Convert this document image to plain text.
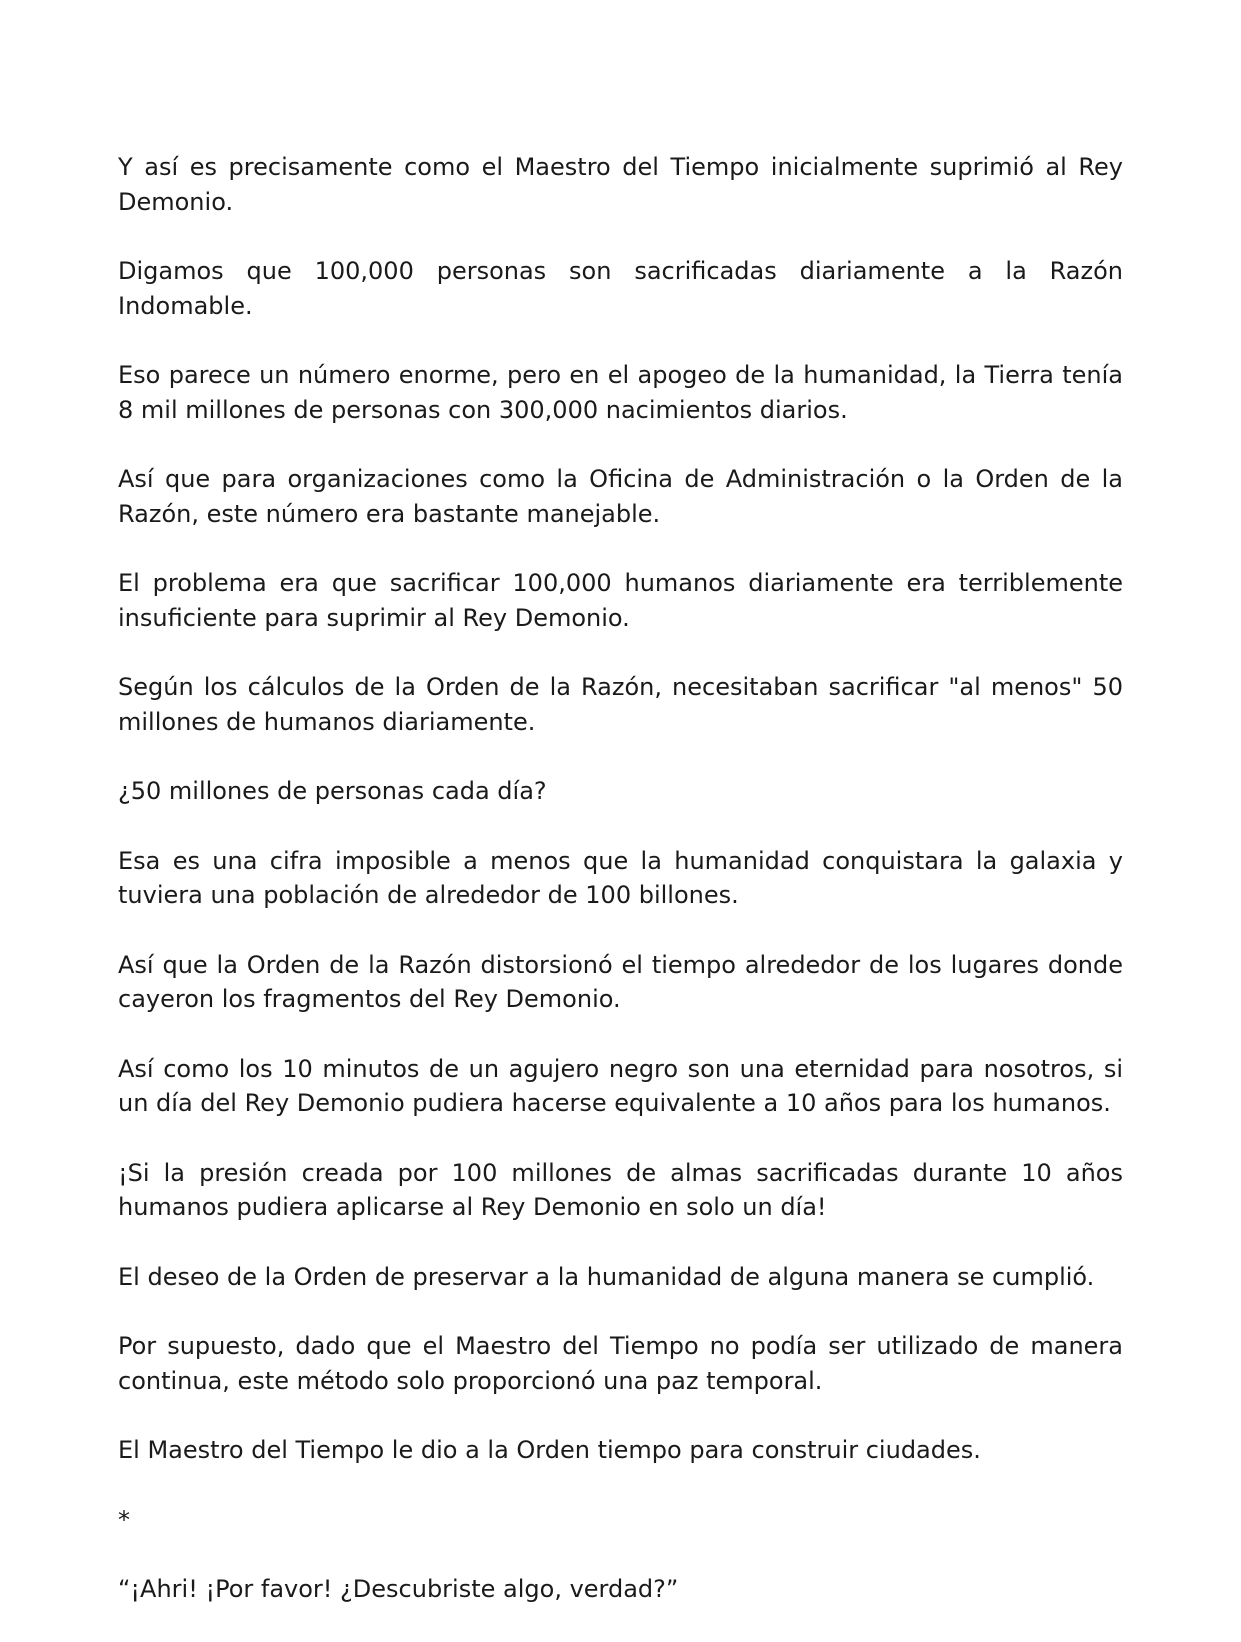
Y así es precisamente como el Maestro del Tiempo inicialmente suprimió al Rey Demonio.

Digamos que 100,000 personas son sacrificadas diariamente a la Razón Indomable.

Eso parece un número enorme, pero en el apogeo de la humanidad, la Tierra tenía 8 mil millones de personas con 300,000 nacimientos diarios.

Así que para organizaciones como la Oficina de Administración o la Orden de la Razón, este número era bastante manejable.

El problema era que sacrificar 100,000 humanos diariamente era terriblemente insuficiente para suprimir al Rey Demonio.

Según los cálculos de la Orden de la Razón, necesitaban sacrificar "al menos" 50 millones de humanos diariamente.

¿50 millones de personas cada día?

Esa es una cifra imposible a menos que la humanidad conquistara la galaxia y tuviera una población de alrededor de 100 billones.

Así que la Orden de la Razón distorsionó el tiempo alrededor de los lugares donde cayeron los fragmentos del Rey Demonio.

Así como los 10 minutos de un agujero negro son una eternidad para nosotros, si un día del Rey Demonio pudiera hacerse equivalente a 10 años para los humanos.

¡Si la presión creada por 100 millones de almas sacrificadas durante 10 años humanos pudiera aplicarse al Rey Demonio en solo un día!

El deseo de la Orden de preservar a la humanidad de alguna manera se cumplió.

Por supuesto, dado que el Maestro del Tiempo no podía ser utilizado de manera continua, este método solo proporcionó una paz temporal.

El Maestro del Tiempo le dio a la Orden tiempo para construir ciudades.

*

“¡Ahri! ¡Por favor! ¿Descubriste algo, verdad?”
